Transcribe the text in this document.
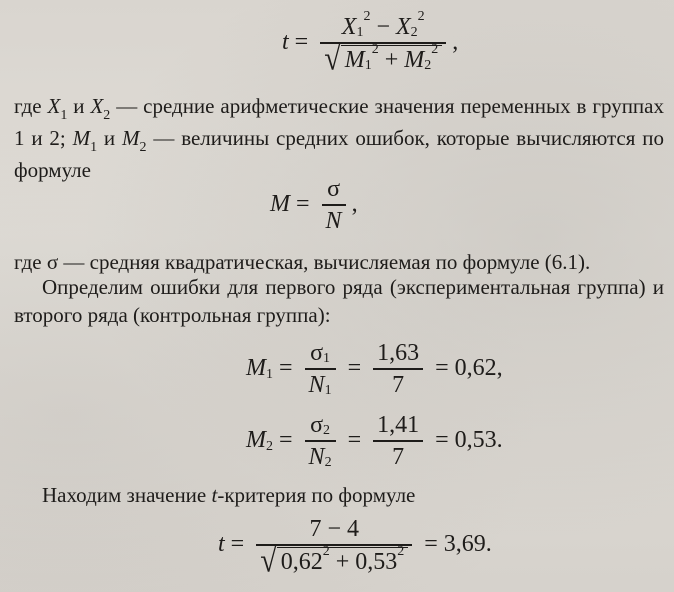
t = X 1
2 − X 2
2
√ M 1
2 + M 2
2 ,
где $X_1$ и $X_2$ — средние арифметические значения переменных в группах 1 и 2; $M_1$ и $M_2$ — величины средних ошибок, которые вычисляются по формуле
$M = \frac{\sigma}{N}$ ,
где σ — средняя квадратическая, вычисляемая по формуле (6.1).
Определим ошибки для первого ряда (экспериментальная группа) и второго ряда (контрольная группа):
M $1 = \frac{\sigma 1}{N 1} = \frac{1,63}{7} = 0,62$,
M $2 = \frac{\sigma 2}{N 2} = \frac{1,41}{7} = 0,53$.
Находим значение t-критерия по формуле
t =
7 − 4
√ 0,62 2 + 0,53 2 = 3,69.
